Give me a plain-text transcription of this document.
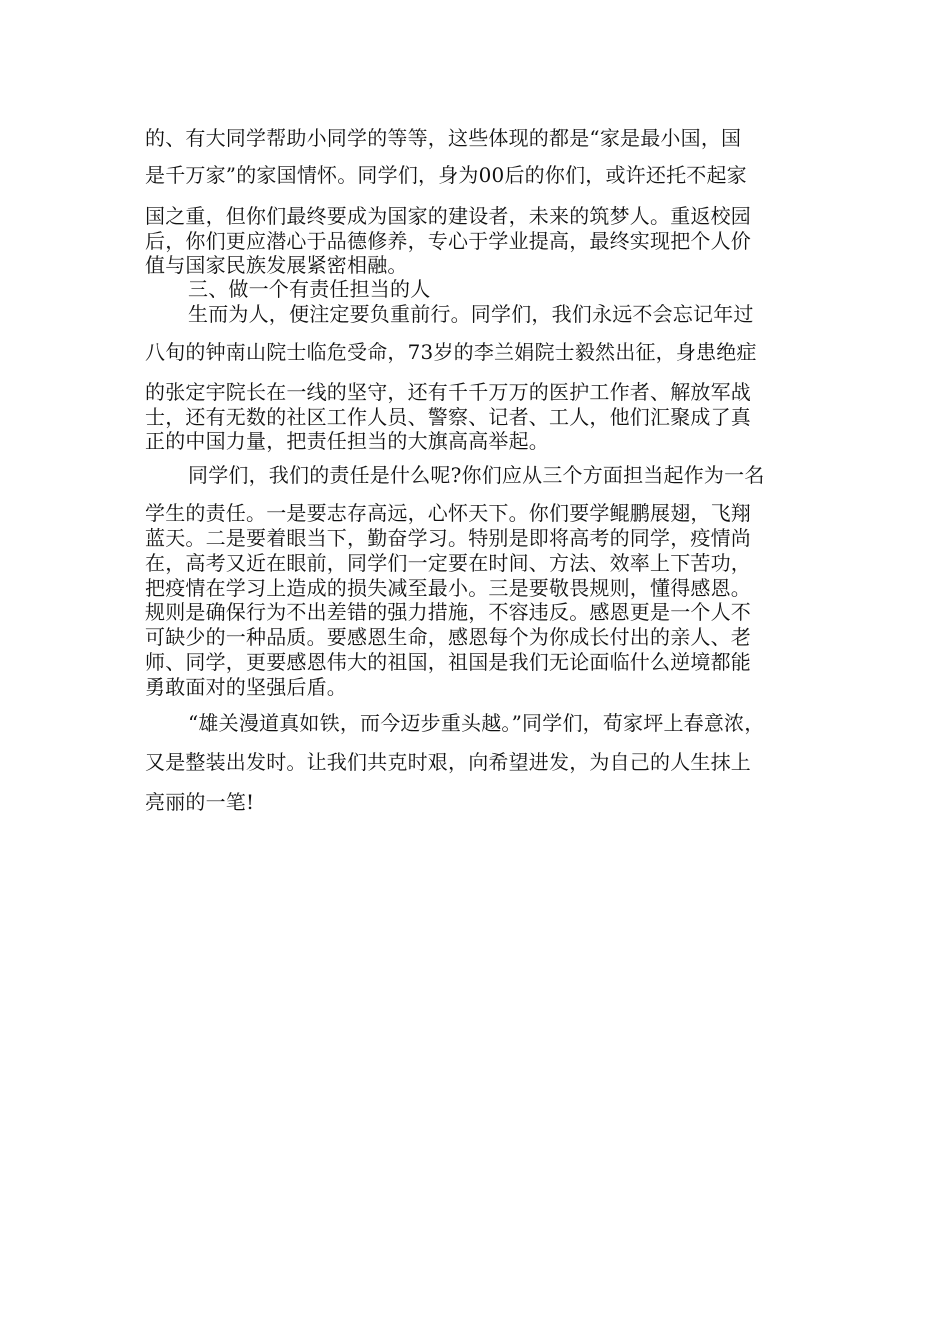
的、有大同学帮助小同学的等等，这些体现的都是“家是最小国，国
是千万家”的家国情怀。同学们，身为00后的你们，或许还托不起家
国之重，但你们最终要成为国家的建设者，未来的筑梦人。重返校园
后，你们更应潜心于品德修养，专心于学业提高，最终实现把个人价
值与国家民族发展紧密相融。
三、做一个有责任担当的人
生而为人，便注定要负重前行。同学们，我们永远不会忘记年过
八旬的钟南山院士临危受命，73岁的李兰娟院士毅然出征，身患绝症
的张定宇院长在一线的坚守，还有千千万万的医护工作者、解放军战
士，还有无数的社区工作人员、警察、记者、工人，他们汇聚成了真
正的中国力量，把责任担当的大旗高高举起。
同学们，我们的责任是什么呢?你们应从三个方面担当起作为一名
学生的责任。一是要志存高远，心怀天下。你们要学鲲鹏展翅，飞翔
蓝天。二是要着眼当下，勤奋学习。特别是即将高考的同学，疫情尚
在，高考又近在眼前，同学们一定要在时间、方法、效率上下苦功，
把疫情在学习上造成的损失减至最小。三是要敬畏规则，懂得感恩。
规则是确保行为不出差错的强力措施，不容违反。感恩更是一个人不
可缺少的一种品质。要感恩生命，感恩每个为你成长付出的亲人、老
师、同学，更要感恩伟大的祖国，祖国是我们无论面临什么逆境都能
勇敢面对的坚强后盾。
“雄关漫道真如铁，而今迈步重头越。”同学们，荀家坪上春意浓，
又是整装出发时。让我们共克时艰，向希望进发，为自己的人生抹上
亮丽的一笔!
